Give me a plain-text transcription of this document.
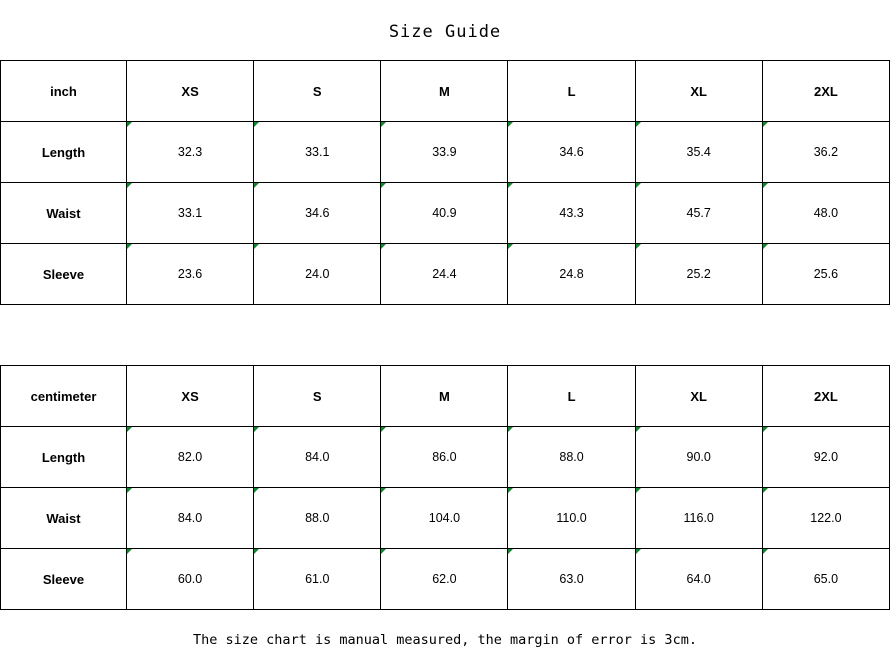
Size Guide
inch	XS	S	M	L	XL	2XL
Length	32.3	33.1	33.9	34.6	35.4	36.2
Waist	33.1	34.6	40.9	43.3	45.7	48.0
Sleeve	23.6	24.0	24.4	24.8	25.2	25.6
centimeter	XS	S	M	L	XL	2XL
Length	82.0	84.0	86.0	88.0	90.0	92.0
Waist	84.0	88.0	104.0	110.0	116.0	122.0
Sleeve	60.0	61.0	62.0	63.0	64.0	65.0
The size chart is manual measured, the margin of error is 3cm.
